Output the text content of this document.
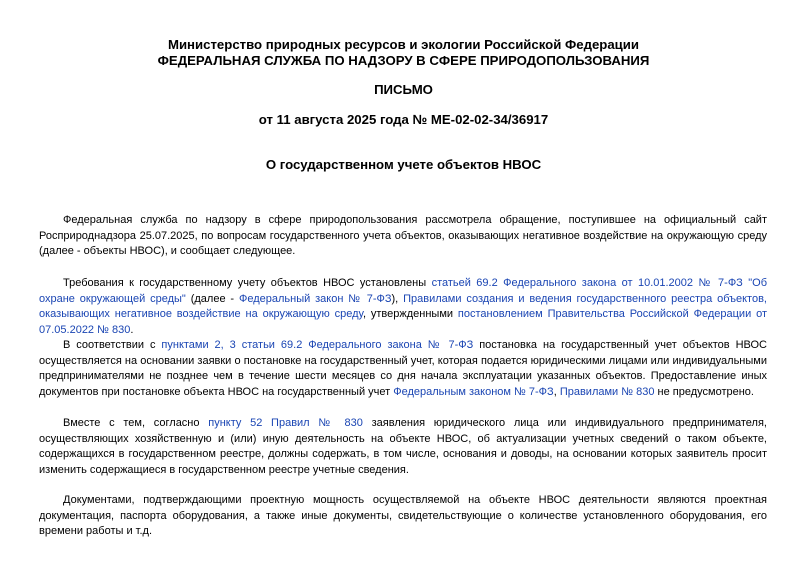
Министерство природных ресурсов и экологии Российской Федерации
ФЕДЕРАЛЬНАЯ СЛУЖБА ПО НАДЗОРУ В СФЕРЕ ПРИРОДОПОЛЬЗОВАНИЯ
ПИСЬМО
от 11 августа 2025 года № МЕ-02-02-34/36917
О государственном учете объектов НВОС
Федеральная служба по надзору в сфере природопользования рассмотрела обращение, поступившее на официальный сайт Росприроднадзора 25.07.2025, по вопросам государственного учета объектов, оказывающих негативное воздействие на окружающую среду (далее - объекты НВОС), и сообщает следующее.
Требования к государственному учету объектов НВОС установлены статьей 69.2 Федерального закона от 10.01.2002 № 7-ФЗ "Об охране окружающей среды" (далее - Федеральный закон № 7-ФЗ), Правилами создания и ведения государственного реестра объектов, оказывающих негативное воздействие на окружающую среду, утвержденными постановлением Правительства Российской Федерации от 07.05.2022 № 830.
В соответствии с пунктами 2, 3 статьи 69.2 Федерального закона № 7-ФЗ постановка на государственный учет объектов НВОС осуществляется на основании заявки о постановке на государственный учет, которая подается юридическими лицами или индивидуальными предпринимателями не позднее чем в течение шести месяцев со дня начала эксплуатации указанных объектов. Предоставление иных документов при постановке объекта НВОС на государственный учет Федеральным законом № 7-ФЗ, Правилами № 830 не предусмотрено.
Вместе с тем, согласно пункту 52 Правил № 830 заявления юридического лица или индивидуального предпринимателя, осуществляющих хозяйственную и (или) иную деятельность на объекте НВОС, об актуализации учетных сведений о таком объекте, содержащихся в государственном реестре, должны содержать, в том числе, основания и доводы, на основании которых заявитель просит изменить содержащиеся в государственном реестре учетные сведения.
Документами, подтверждающими проектную мощность осуществляемой на объекте НВОС деятельности являются проектная документация, паспорта оборудования, а также иные документы, свидетельствующие о количестве установленного оборудования, его времени работы и т.д.
